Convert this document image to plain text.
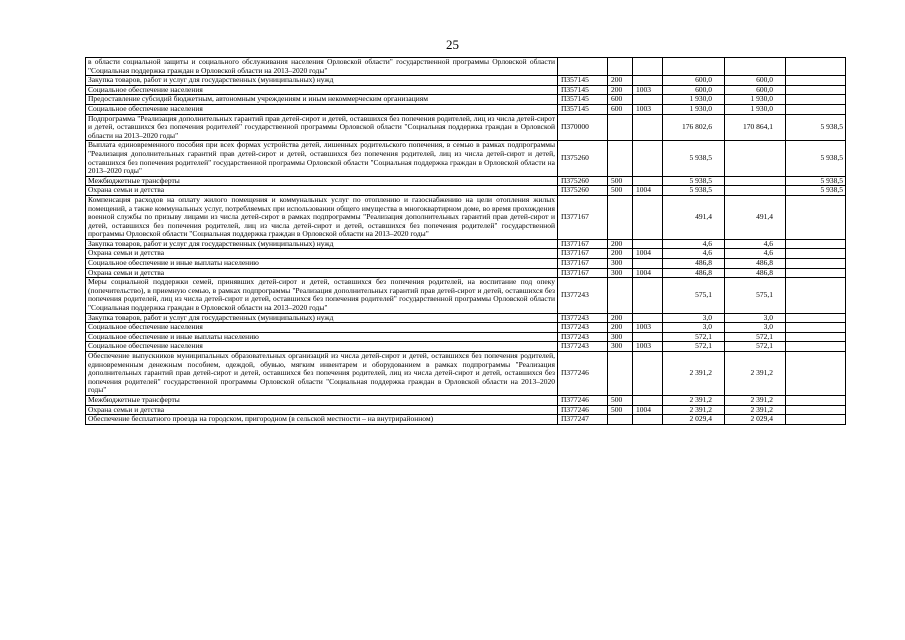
25
в области социальной защиты и социального обслуживания населения Орловской области" государственной программы Орловской области "Социальная поддержка граждан в Орловской области на 2013–2020 годы"						
Закупка товаров, работ и услуг для государственных (муниципальных) нужд	П357145	200		600,0	600,0	
Социальное обеспечение населения	П357145	200	1003	600,0	600,0	
Предоставление субсидий бюджетным, автономным учреждениям и иным некоммерческим организациям	П357145	600		1 930,0	1 930,0	
Социальное обеспечение населения	П357145	600	1003	1 930,0	1 930,0	
Подпрограмма "Реализация дополнительных гарантий прав детей-сирот и детей, оставшихся без попечения родителей, лиц из числа детей-сирот и детей, оставшихся без попечения родителей" государственной программы Орловской области "Социальная поддержка граждан в Орловской области на 2013–2020 годы"	П370000			176 802,6	170 864,1	5 938,5
Выплата единовременного пособия при всех формах устройства детей, лишенных родительского попечения, в семью в рамках подпрограммы "Реализация дополнительных гарантий прав детей-сирот и детей, оставшихся без попечения родителей, лиц из числа детей-сирот и детей, оставшихся без попечения родителей" государственной программы Орловской области "Социальная поддержка граждан в Орловской области на 2013–2020 годы"	П375260			5 938,5		5 938,5
Межбюджетные трансферты	П375260	500		5 938,5		5 938,5
Охрана семьи и детства	П375260	500	1004	5 938,5		5 938,5
Компенсация расходов на оплату жилого помещения и коммунальных услуг по отоплению и газоснабжению на цели отопления жилых помещений, а также коммунальных услуг, потребляемых при использовании общего имущества в многоквартирном доме, во время прохождения военной службы по призыву лицами из числа детей-сирот в рамках подпрограммы "Реализация дополнительных гарантий прав детей-сирот и детей, оставшихся без попечения родителей, лиц из числа детей-сирот и детей, оставшихся без попечения родителей" государственной программы Орловской области "Социальная поддержка граждан в Орловской области на 2013–2020 годы"	П377167			491,4	491,4	
Закупка товаров, работ и услуг для государственных (муниципальных) нужд	П377167	200		4,6	4,6	
Охрана семьи и детства	П377167	200	1004	4,6	4,6	
Социальное обеспечение и иные выплаты населению	П377167	300		486,8	486,8	
Охрана семьи и детства	П377167	300	1004	486,8	486,8	
Меры социальной поддержки семей, принявших детей-сирот и детей, оставшихся без попечения родителей, на воспитание под опеку (попечительство), в приемную семью, в рамках подпрограммы "Реализация дополнительных гарантий прав детей-сирот и детей, оставшихся без попечения родителей, лиц из числа детей-сирот и детей, оставшихся без попечения родителей" государственной программы Орловской области "Социальная поддержка граждан в Орловской области на 2013–2020 годы"	П377243			575,1	575,1	
Закупка товаров, работ и услуг для государственных (муниципальных) нужд	П377243	200		3,0	3,0	
Социальное обеспечение населения	П377243	200	1003	3,0	3,0	
Социальное обеспечение и иные выплаты населению	П377243	300		572,1	572,1	
Социальное обеспечение населения	П377243	300	1003	572,1	572,1	
Обеспечение выпускников муниципальных образовательных организаций из числа детей-сирот и детей, оставшихся без попечения родителей, единовременным денежным пособием, одеждой, обувью, мягким инвентарем и оборудованием в рамках подпрограммы "Реализация дополнительных гарантий прав детей-сирот и детей, оставшихся без попечения родителей, лиц из числа детей-сирот и детей, оставшихся без попечения родителей" государственной программы Орловской области "Социальная поддержка граждан в Орловской области на 2013–2020 годы"	П377246			2 391,2	2 391,2	
Межбюджетные трансферты	П377246	500		2 391,2	2 391,2	
Охрана семьи и детства	П377246	500	1004	2 391,2	2 391,2	
Обеспечение бесплатного проезда на городском, пригородном (в сельской местности – на внутрирайонном)	П377247			2 029,4	2 029,4	
